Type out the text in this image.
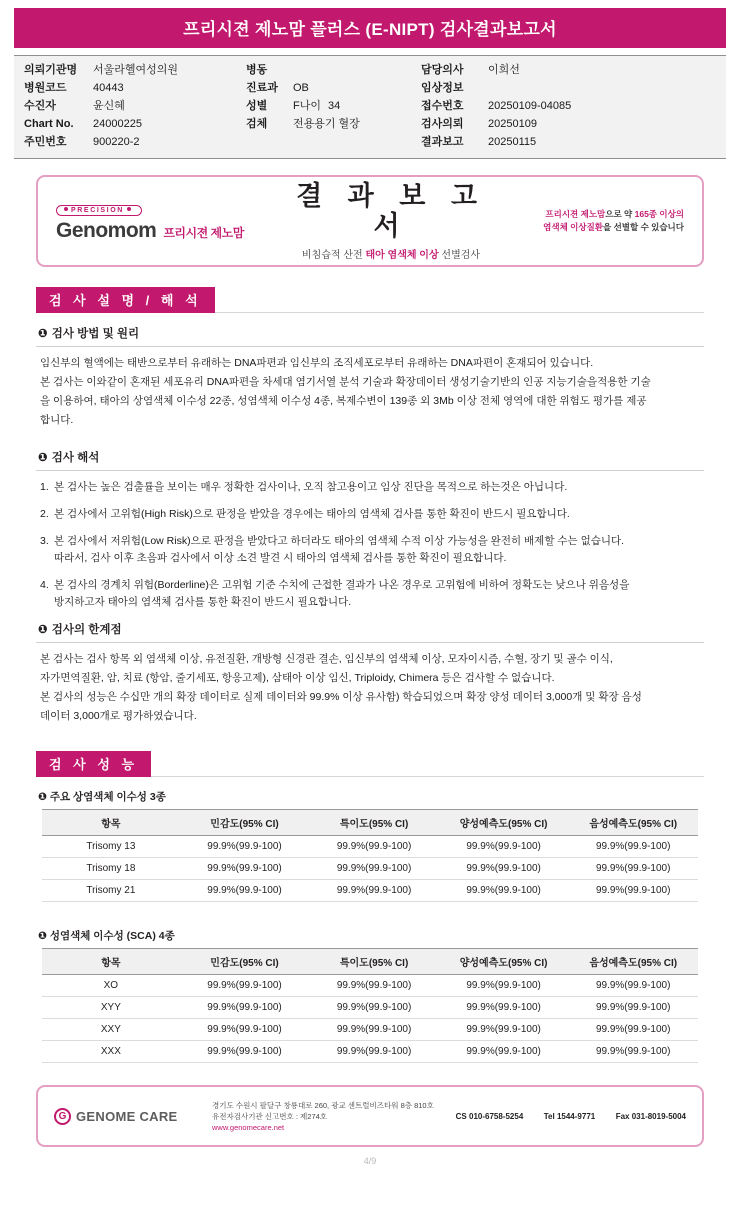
프리시젼 제노맘 플러스 (E-NIPT) 검사결과보고서
의뢰기관명	서울라헬여성의원
병원코드	40443
수진자	윤신혜
Chart No.	24000225
주민번호	900220-2
병동
진료과	OB
성별	F 나이 34
검체	전용용기 혈장
담당의사	이희선
임상정보
접수번호	20250109-04085
검사의뢰	20250109
결과보고	20250115
PRECISION
Genomom 프리시젼 제노맘
결 과 보 고 서
비침습적 산전 태아 염색체 이상 선별검사
프리시젼 제노맘으로 약 165종 이상의
염색체 이상질환을 선별할 수 있습니다
검 사 설 명 / 해 석
❶ 검사 방법 및 원리

임신부의 혈액에는 태반으로부터 유래하는 DNA파편과 임신부의 조직세포로부터 유래하는 DNA파편이 혼재되어 있습니다.

본 검사는 이와같이 혼재된 세포유리 DNA파편을 차세대 염기서열 분석 기술과 확장데이터 생성기술기반의 인공 지능기술을적용한 기술

을 이용하여, 태아의 상염색체 이수성 22종, 성염색체 이수성 4종, 복제수변이 139종 외 3Mb 이상 전체 영역에 대한 위험도 평가를 제공

합니다.

❶ 검사 해석
1. 본 검사는 높은 검출률을 보이는 매우 정확한 검사이나, 오직 참고용이고 임상 진단을 목적으로 하는것은 아닙니다.
2. 본 검사에서 고위험(High Risk)으로 판정을 받았을 경우에는 태아의 염색체 검사를 통한 확진이 반드시 필요합니다.
3. 본 검사에서 저위험(Low Risk)으로 판정을 받았다고 하더라도 태아의 염색체 수적 이상 가능성을 완전히 배제할 수는 없습니다.
따라서, 검사 이후 초음파 검사에서 이상 소견 발견 시 태아의 염색체 검사를 통한 확진이 필요합니다.
4. 본 검사의 경계치 위험(Borderline)은 고위험 기준 수치에 근접한 결과가 나온 경우로 고위험에 비하여 정확도는 낮으나 위음성을
방지하고자 태아의 염색체 검사를 통한 확진이 반드시 필요합니다.
❶ 검사의 한계점

본 검사는 검사 항목 외 염색체 이상, 유전질환, 개방형 신경관 결손, 임신부의 염색체 이상, 모자이시즘, 수혈, 장기 및 골수 이식,

자가면역질환, 암, 치료 (항암, 줄기세포, 항응고제), 삼태아 이상 임신, Triploidy, Chimera 등은 검사할 수 없습니다.

본 검사의 성능은 수십만 개의 확장 데이터로 실제 데이터와 99.9% 이상 유사함) 학습되었으며 확장 양성 데이터 3,000개 및 확장 음성

데이터 3,000개로 평가하였습니다.

검 사 성 능
❶ 주요 상염색체 이수성 3종
항목	민감도(95% CI)	특이도(95% CI)	양성예측도(95% CI)	음성예측도(95% CI)
Trisomy 13	99.9%(99.9-100)	99.9%(99.9-100)	99.9%(99.9-100)	99.9%(99.9-100)
Trisomy 18	99.9%(99.9-100)	99.9%(99.9-100)	99.9%(99.9-100)	99.9%(99.9-100)
Trisomy 21	99.9%(99.9-100)	99.9%(99.9-100)	99.9%(99.9-100)	99.9%(99.9-100)
❶ 성염색체 이수성 (SCA) 4종
항목	민감도(95% CI)	특이도(95% CI)	양성예측도(95% CI)	음성예측도(95% CI)
XO	99.9%(99.9-100)	99.9%(99.9-100)	99.9%(99.9-100)	99.9%(99.9-100)
XYY	99.9%(99.9-100)	99.9%(99.9-100)	99.9%(99.9-100)	99.9%(99.9-100)
XXY	99.9%(99.9-100)	99.9%(99.9-100)	99.9%(99.9-100)	99.9%(99.9-100)
XXX	99.9%(99.9-100)	99.9%(99.9-100)	99.9%(99.9-100)	99.9%(99.9-100)
G GENOME CARE
경기도 수원시 팔달구 창룡대로 260, 광교 센트럴비즈타워 8층 810호
유전자검사기관 신고번호 : 제274호
www.genomecare.net
CS 010-6758-5254	Tel 1544-9771	Fax 031-8019-5004
4/9
